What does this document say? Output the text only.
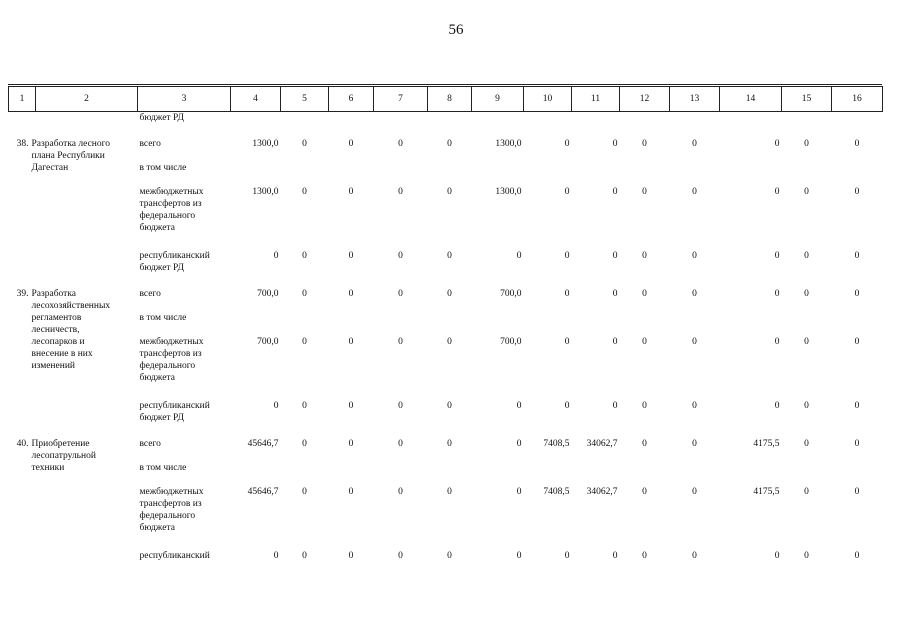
56
1	2	3	4	5	6	7	8	9	10	11	12	13	14	15	16
		бюджет РД													
38. Разработка лесного плана Республики Дагестан		всего	1300,0	0	0	0	0	1300,0	0	0	0	0	0	0	0
		в том числе													
		межбюджетных трансфертов из федерального бюджета	1300,0	0	0	0	0	1300,0	0	0	0	0	0	0	0
		республиканский бюджет РД	0	0	0	0	0	0	0	0	0	0	0	0	0
39. Разработка лесохозяйственных регламентов лесничеств, лесопарков и внесение в них изменений		всего	700,0	0	0	0	0	700,0	0	0	0	0	0	0	0
		в том числе													
		межбюджетных трансфертов из федерального бюджета	700,0	0	0	0	0	700,0	0	0	0	0	0	0	0
		республиканский бюджет РД	0	0	0	0	0	0	0	0	0	0	0	0	0
40. Приобретение лесопатрульной техники		всего	45646,7	0	0	0	0	0	7408,5	34062,7	0	0	4175,5	0	0
		в том числе													
		межбюджетных трансфертов из федерального бюджета	45646,7	0	0	0	0	0	7408,5	34062,7	0	0	4175,5	0	0
		республиканский	0	0	0	0	0	0	0	0	0	0	0	0	0
